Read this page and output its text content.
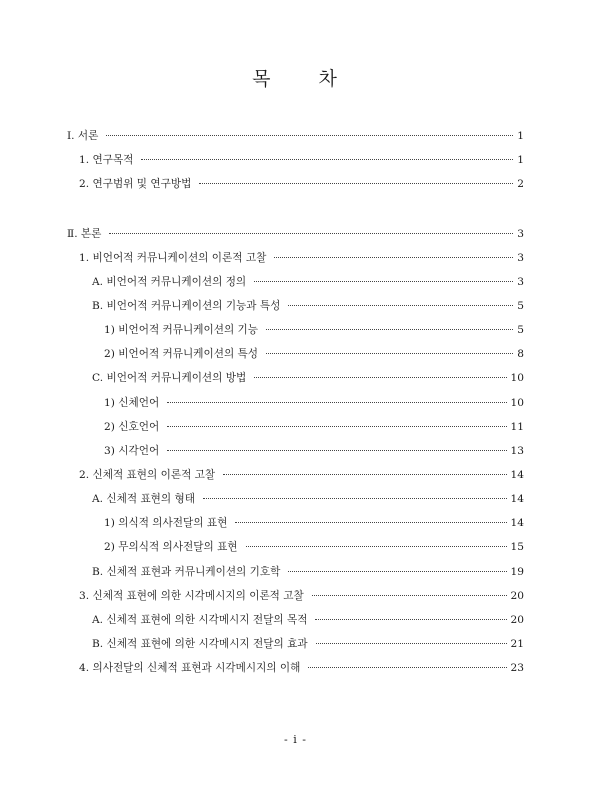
목 차
Ⅰ. 서론	1
1. 연구목적	1
2. 연구범위 및 연구방법	2
Ⅱ. 본론	3
1. 비언어적 커뮤니케이션의 이론적 고찰	3
A. 비언어적 커뮤니케이션의 정의	3
B. 비언어적 커뮤니케이션의 기능과 특성	5
1) 비언어적 커뮤니케이션의 기능	5
2) 비언어적 커뮤니케이션의 특성	8
C. 비언어적 커뮤니케이션의 방법	10
1) 신체언어	10
2) 신호언어	11
3) 시각언어	13
2. 신체적 표현의 이론적 고찰	14
A. 신체적 표현의 형태	14
1) 의식적 의사전달의 표현	14
2) 무의식적 의사전달의 표현	15
B. 신체적 표현과 커뮤니케이션의 기호학	19
3. 신체적 표현에 의한 시각메시지의 이론적 고찰	20
A. 신체적 표현에 의한 시각메시지 전달의 목적	20
B. 신체적 표현에 의한 시각메시지 전달의 효과	21
4. 의사전달의 신체적 표현과 시각메시지의 이해	23
- i -
